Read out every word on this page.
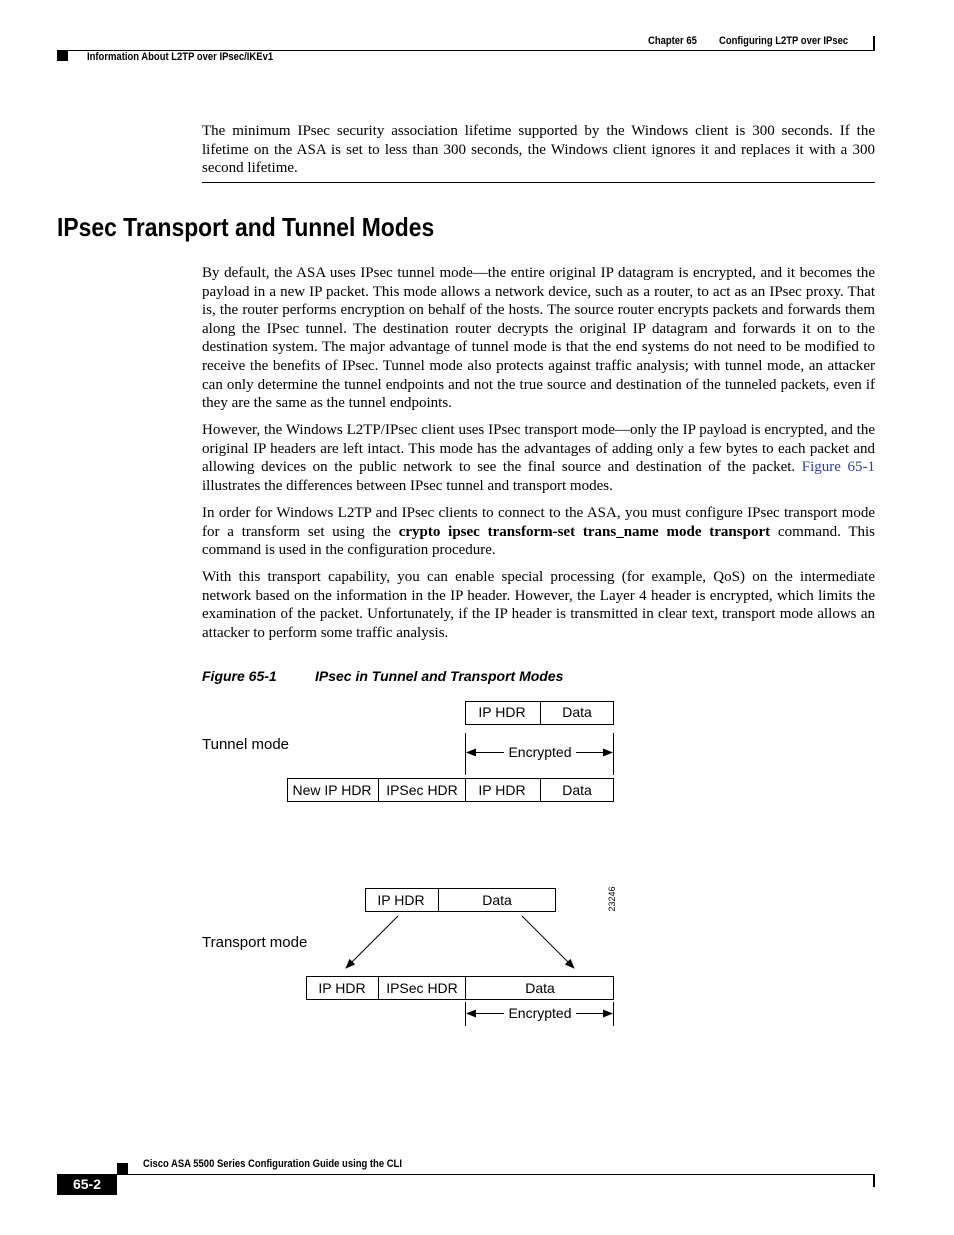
Chapter 65 Configuring L2TP over IPsec
Information About L2TP over IPsec/IKEv1

The minimum IPsec security association lifetime supported by the Windows client is 300 seconds. If the lifetime on the ASA is set to less than 300 seconds, the Windows client ignores it and replaces it with a 300 second lifetime.

IPsec Transport and Tunnel Modes

By default, the ASA uses IPsec tunnel mode—the entire original IP datagram is encrypted, and it becomes the payload in a new IP packet. This mode allows a network device, such as a router, to act as an IPsec proxy. That is, the router performs encryption on behalf of the hosts. The source router encrypts packets and forwards them along the IPsec tunnel. The destination router decrypts the original IP datagram and forwards it on to the destination system. The major advantage of tunnel mode is that the end systems do not need to be modified to receive the benefits of IPsec. Tunnel mode also protects against traffic analysis; with tunnel mode, an attacker can only determine the tunnel endpoints and not the true source and destination of the tunneled packets, even if they are the same as the tunnel endpoints.

However, the Windows L2TP/IPsec client uses IPsec transport mode—only the IP payload is encrypted, and the original IP headers are left intact. This mode has the advantages of adding only a few bytes to each packet and allowing devices on the public network to see the final source and destination of the packet. Figure 65-1 illustrates the differences between IPsec tunnel and transport modes.

In order for Windows L2TP and IPsec clients to connect to the ASA, you must configure IPsec transport mode for a transform set using the crypto ipsec transform-set trans_name mode transport command. This command is used in the configuration procedure.

With this transport capability, you can enable special processing (for example, QoS) on the intermediate network based on the information in the IP header. However, the Layer 4 header is encrypted, which limits the examination of the packet. Unfortunately, if the IP header is transmitted in clear text, transport mode allows an attacker to perform some traffic analysis.

Figure 65-1	IPsec in Tunnel and Transport Modes
Tunnel mode
IP HDR	Data
Encrypted
New IP HDR IPSec HDR IP HDR	Data
Transport mode
IP HDR	Data
IP HDR IPSec HDR	Data
Encrypted
23246
Cisco ASA 5500 Series Configuration Guide using the CLI
65-2
